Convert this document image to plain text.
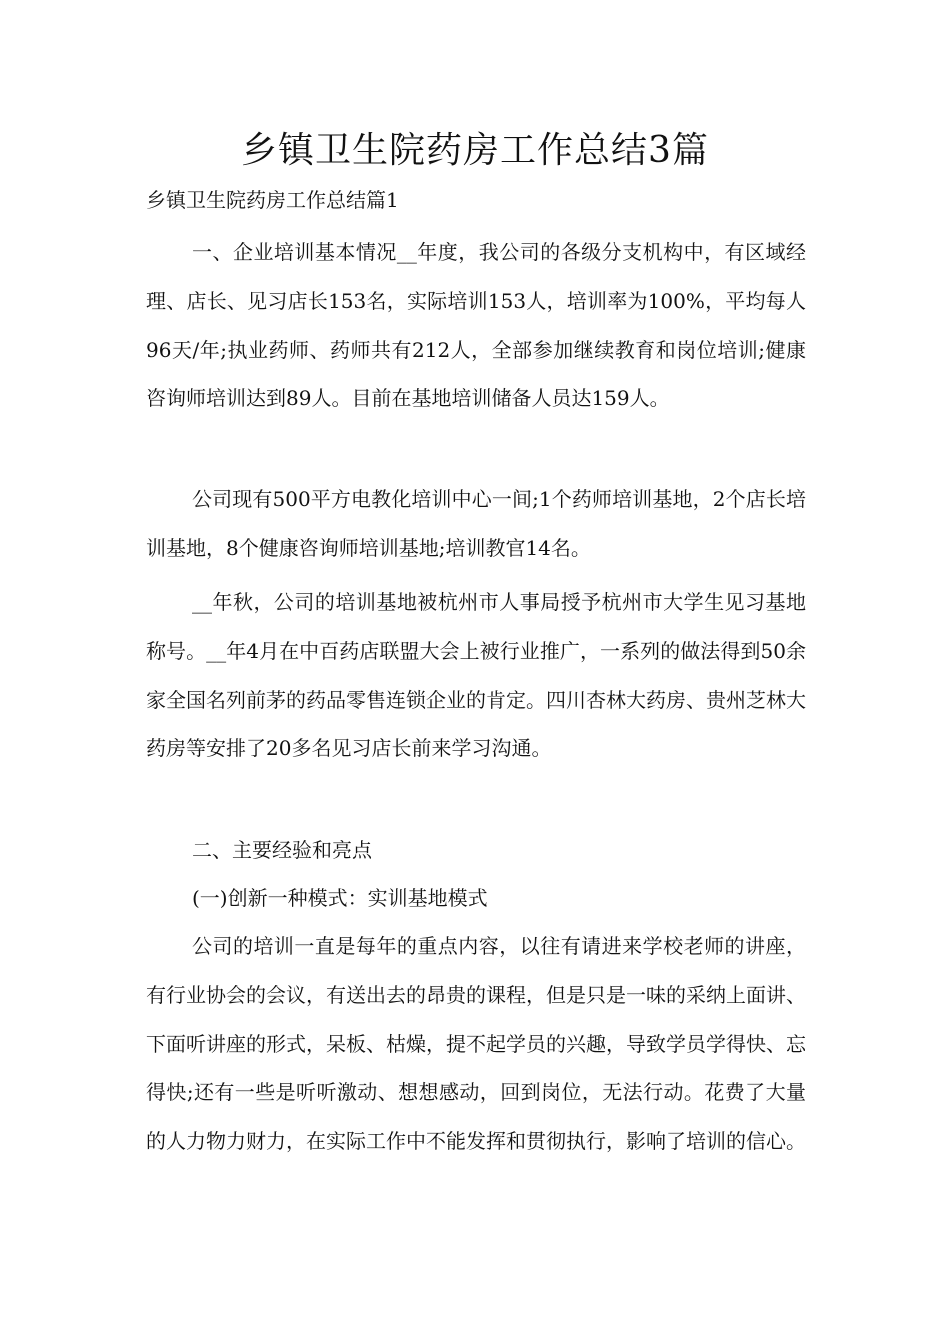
乡镇卫生院药房工作总结3篇

乡镇卫生院药房工作总结篇1

一、企业培训基本情况__年度，我公司的各级分支机构中，有区域经理、店长、见习店长153名，实际培训153人，培训率为100%，平均每人96天/年;执业药师、药师共有212人，全部参加继续教育和岗位培训;健康咨询师培训达到89人。目前在基地培训储备人员达159人。

公司现有500平方电教化培训中心一间;1个药师培训基地，2个店长培训基地，8个健康咨询师培训基地;培训教官14名。

__年秋，公司的培训基地被杭州市人事局授予杭州市大学生见习基地称号。__年4月在中百药店联盟大会上被行业推广，一系列的做法得到50余家全国名列前茅的药品零售连锁企业的肯定。四川杏林大药房、贵州芝林大药房等安排了20多名见习店长前来学习沟通。

二、主要经验和亮点

(一)创新一种模式：实训基地模式

公司的培训一直是每年的重点内容，以往有请进来学校老师的讲座，有行业协会的会议，有送出去的昂贵的课程，但是只是一味的采纳上面讲、下面听讲座的形式，呆板、枯燥，提不起学员的兴趣，导致学员学得快、忘得快;还有一些是听听激动、想想感动，回到岗位，无法行动。花费了大量的人力物力财力，在实际工作中不能发挥和贯彻执行，影响了培训的信心。
